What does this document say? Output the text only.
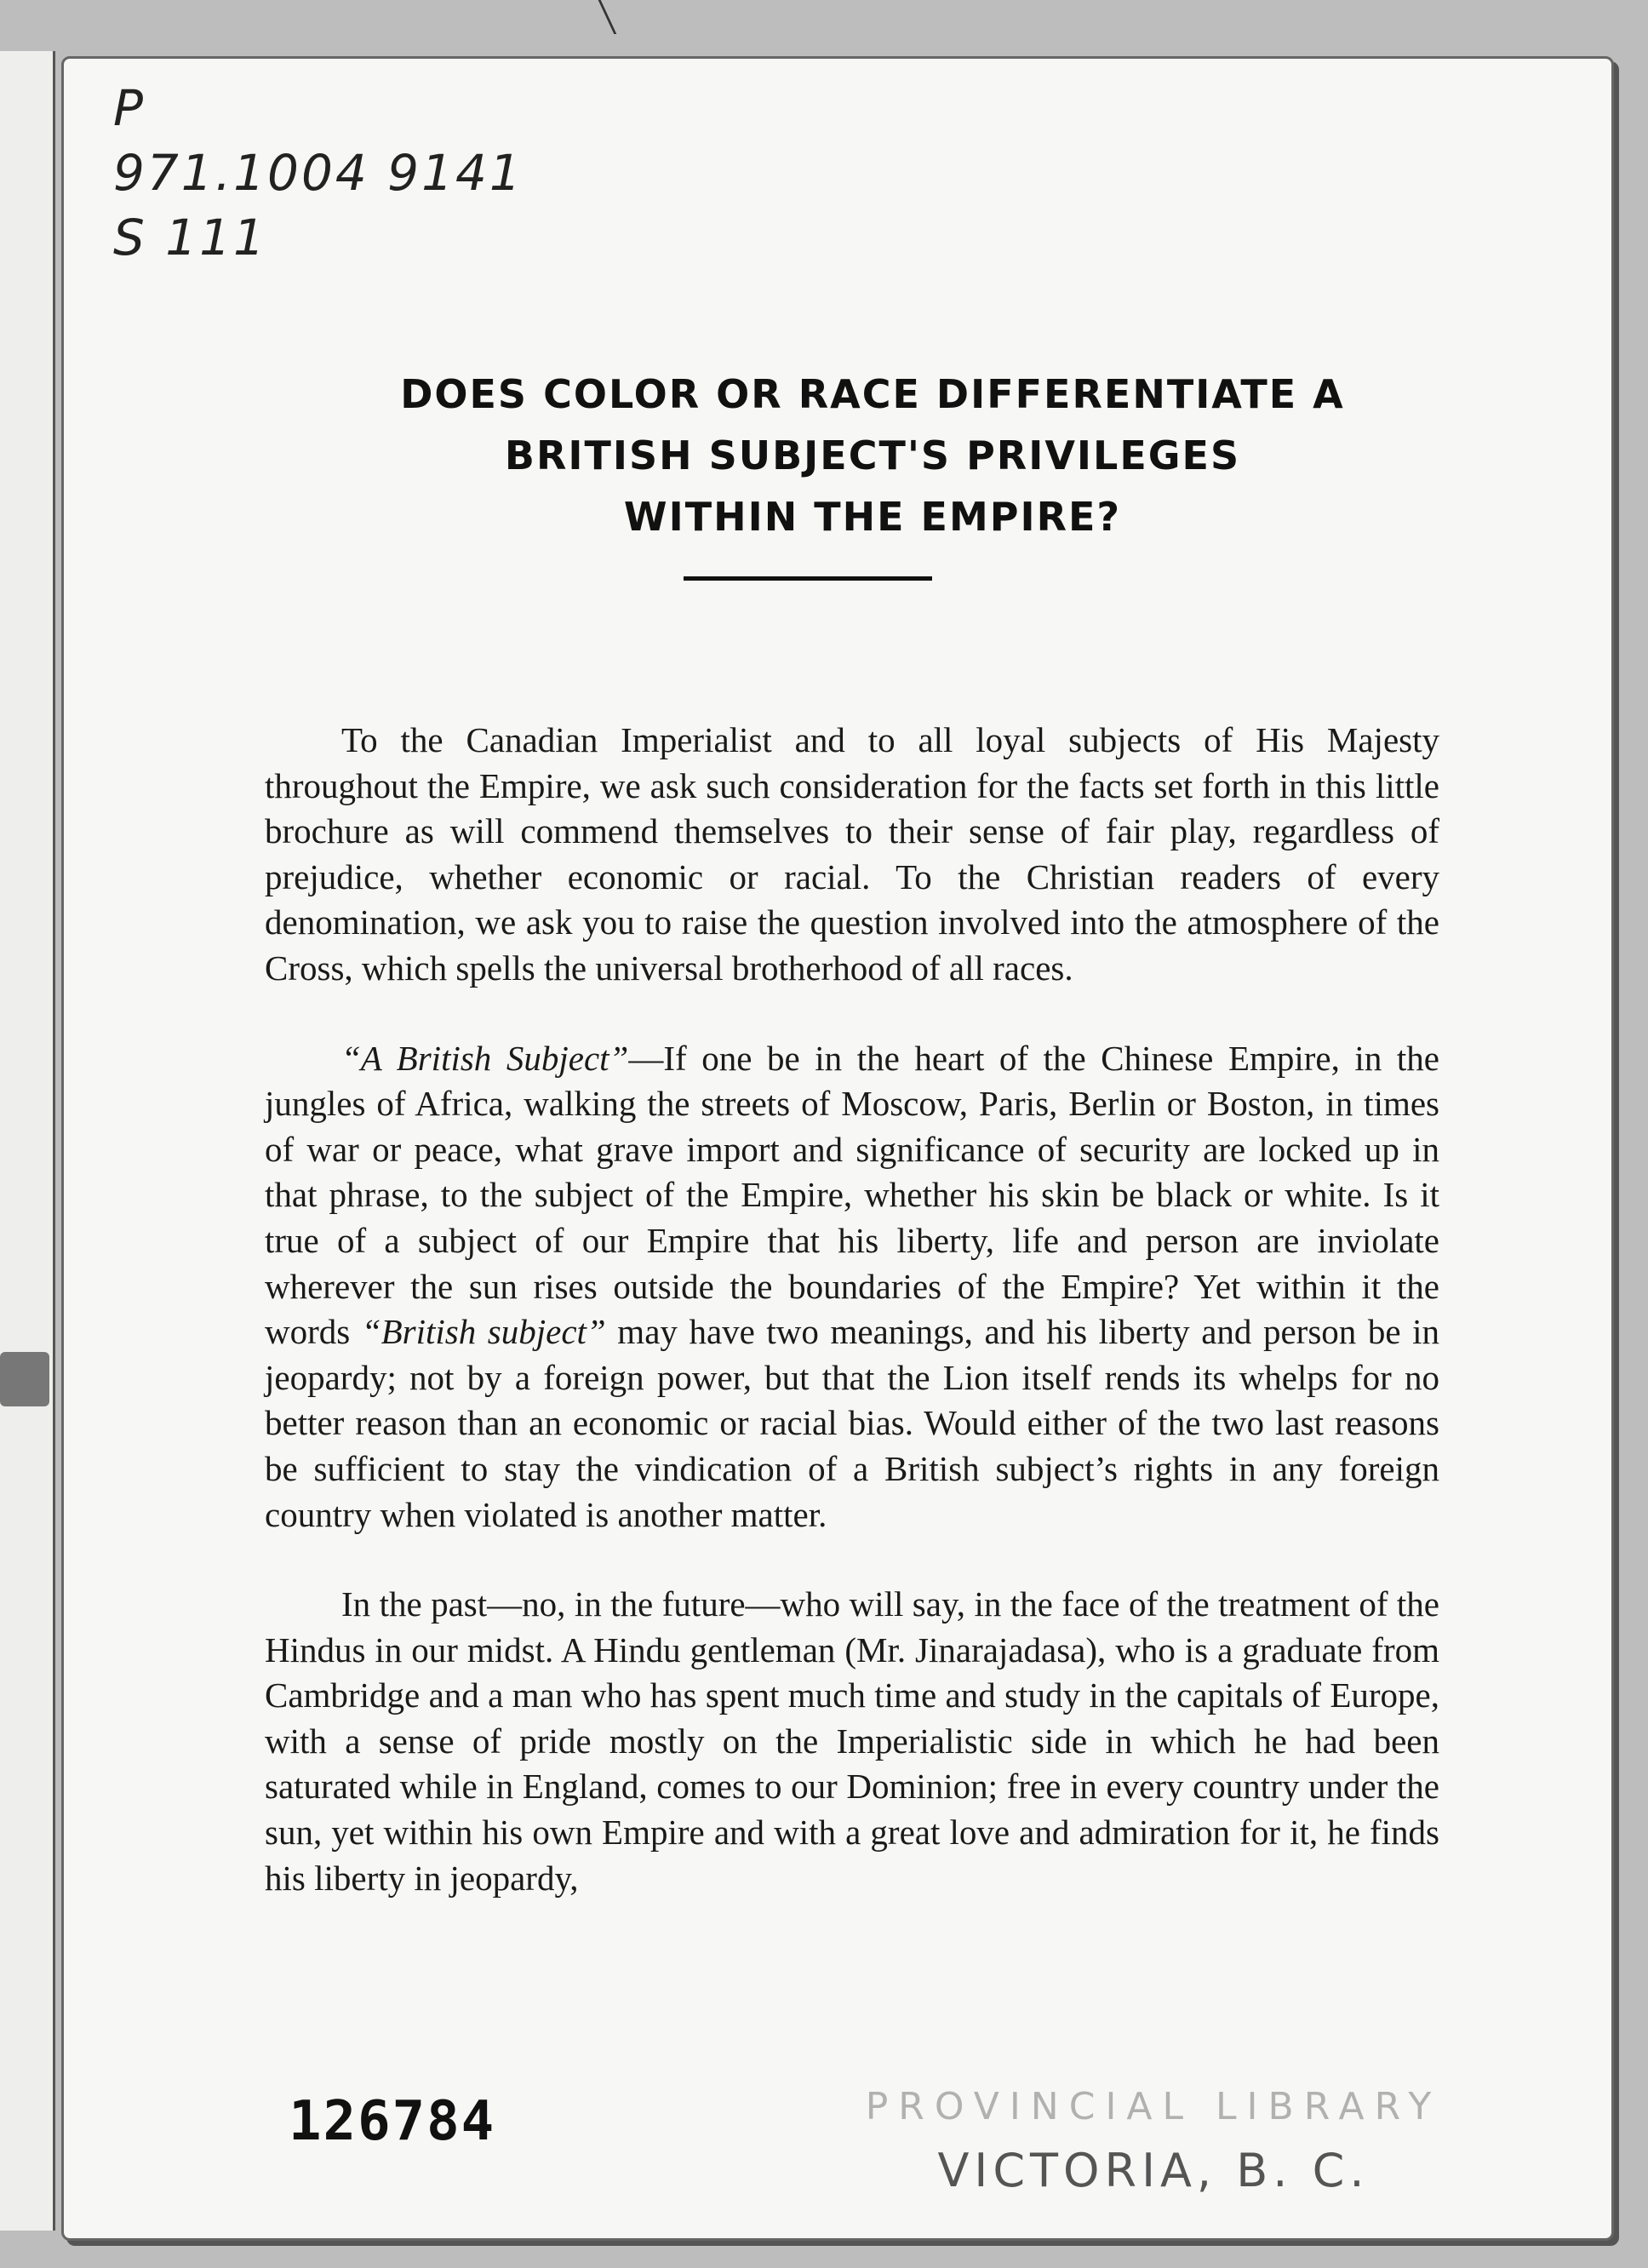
P
971.1004 9141
S 111
DOES COLOR OR RACE DIFFERENTIATE A
BRITISH SUBJECT'S PRIVILEGES
WITHIN THE EMPIRE?

To the Canadian Imperialist and to all loyal subjects of His Majesty throughout the Empire, we ask such consideration for the facts set forth in this little brochure as will commend themselves to their sense of fair play, regardless of prejudice, whether economic or racial. To the Christian readers of every denomination, we ask you to raise the question involved into the atmosphere of the Cross, which spells the universal brotherhood of all races.

“A British Subject”—If one be in the heart of the Chinese Empire, in the jungles of Africa, walking the streets of Moscow, Paris, Berlin or Boston, in times of war or peace, what grave import and significance of security are locked up in that phrase, to the subject of the Empire, whether his skin be black or white. Is it true of a subject of our Empire that his liberty, life and person are inviolate wherever the sun rises outside the boundaries of the Empire? Yet within it the words “British subject” may have two meanings, and his liberty and person be in jeopardy; not by a foreign power, but that the Lion itself rends its whelps for no better reason than an economic or racial bias. Would either of the two last reasons be sufficient to stay the vindication of a British subject’s rights in any foreign country when violated is another matter.

In the past—no, in the future—who will say, in the face of the treatment of the Hindus in our midst. A Hindu gentleman (Mr. Jinarajadasa), who is a graduate from Cambridge and a man who has spent much time and study in the capitals of Europe, with a sense of pride mostly on the Imperialistic side in which he had been saturated while in England, comes to our Dominion; free in every country under the sun, yet within his own Empire and with a great love and admiration for it, he finds his liberty in jeopardy,

126784	PROVINCIAL LIBRARY
VICTORIA, B. C.
